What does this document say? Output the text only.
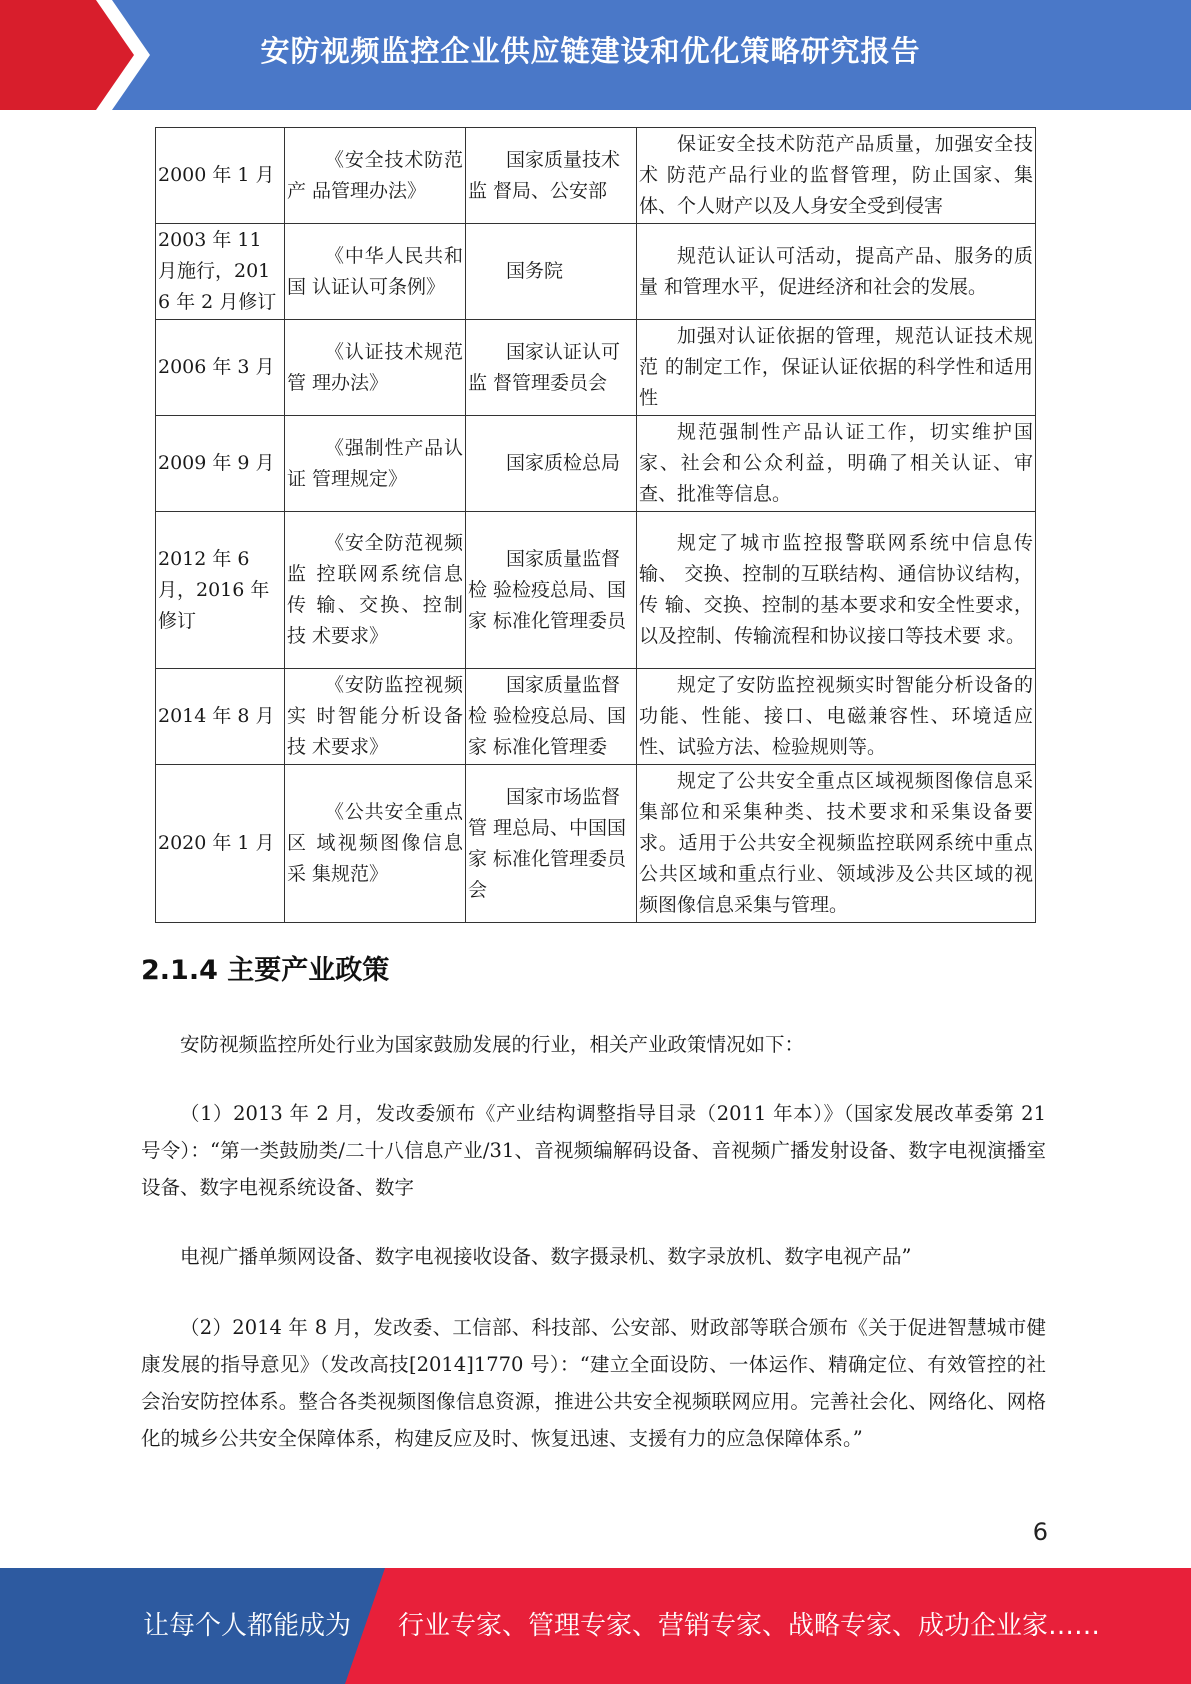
安防视频监控企业供应链建设和优化策略研究报告
2000 年 1 月	《安全技术防范产 品管理办法》	国家质量技术监 督局、公安部	保证安全技术防范产品质量，加强安全技术 防范产品行业的监督管理，防止国家、集体、个人财产以及人身安全受到侵害
2003 年 11 月施行，2016 年 2 月修订	《中华人民共和国 认证认可条例》	国务院	规范认证认可活动，提高产品、服务的质量 和管理水平，促进经济和社会的发展。
2006 年 3 月	《认证技术规范管 理办法》	国家认证认可监 督管理委员会	加强对认证依据的管理，规范认证技术规范 的制定工作，保证认证依据的科学性和适用性
2009 年 9 月	《强制性产品认证 管理规定》	国家质检总局	规范强制性产品认证工作，切实维护国家、社会和公众利益，明确了相关认证、审查、批准等信息。
2012 年 6 月，2016 年修订	《安全防范视频监 控联网系统信息传 输、交换、控制技 术要求》	国家质量监督检 验检疫总局、国家 标准化管理委员	规定了城市监控报警联网系统中信息传输、 交换、控制的互联结构、通信协议结构，传 输、交换、控制的基本要求和安全性要求，以及控制、传输流程和协议接口等技术要 求。
2014 年 8 月	《安防监控视频实 时智能分析设备技 术要求》	国家质量监督检 验检疫总局、国家 标准化管理委	规定了安防监控视频实时智能分析设备的功能、性能、接口、电磁兼容性、环境适应性、试验方法、检验规则等。
2020 年 1 月	《公共安全重点区 域视频图像信息采 集规范》	国家市场监督管 理总局、中国国家 标准化管理委员 会	规定了公共安全重点区域视频图像信息采集部位和采集种类、技术要求和采集设备要求。适用于公共安全视频监控联网系统中重点公共区域和重点行业、领域涉及公共区域的视频图像信息采集与管理。
2.1.4 主要产业政策

安防视频监控所处行业为国家鼓励发展的行业，相关产业政策情况如下：

（1）2013 年 2 月，发改委颁布《产业结构调整指导目录（2011 年本）》（国家发展改革委第 21 号令）：“第一类鼓励类/二十八信息产业/31、音视频编解码设备、音视频广播发射设备、数字电视演播室设备、数字电视系统设备、数字

电视广播单频网设备、数字电视接收设备、数字摄录机、数字录放机、数字电视产品”

（2）2014 年 8 月，发改委、工信部、科技部、公安部、财政部等联合颁布《关于促进智慧城市健康发展的指导意见》（发改高技[2014]1770 号）：“建立全面设防、一体运作、精确定位、有效管控的社会治安防控体系。整合各类视频图像信息资源，推进公共安全视频联网应用。完善社会化、网络化、网格化的城乡公共安全保障体系，构建反应及时、恢复迅速、支援有力的应急保障体系。”

6
让每个人都能成为 行业专家、管理专家、营销专家、战略专家、成功企业家……
